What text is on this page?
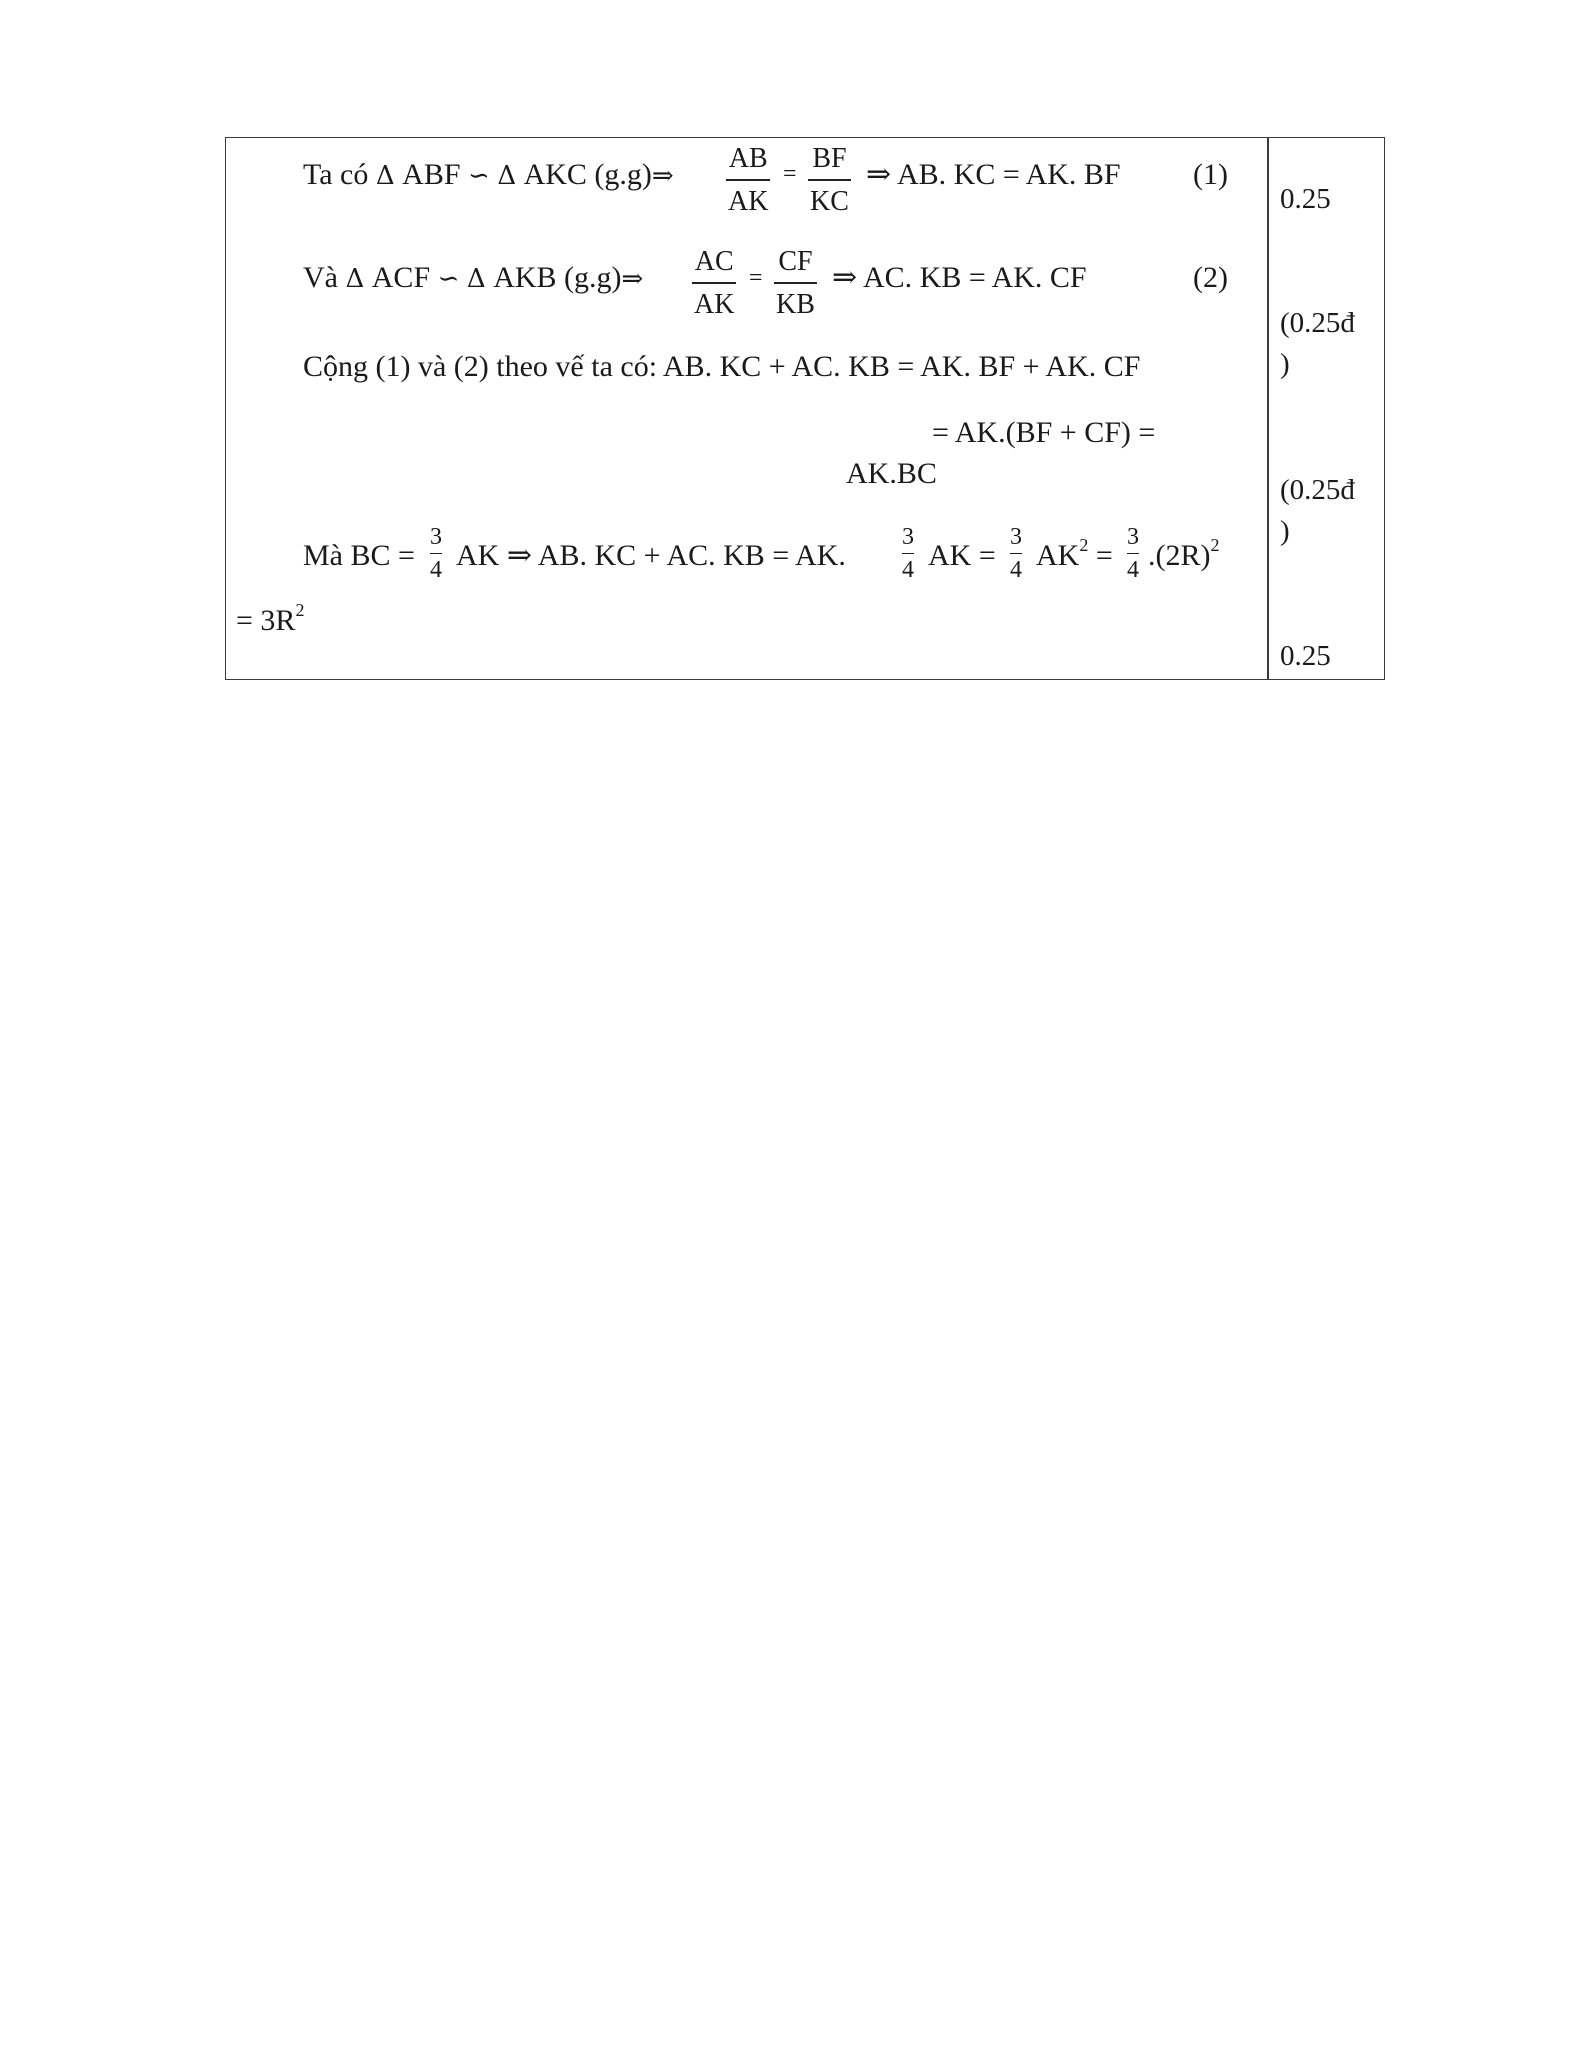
Ta có Δ ABF ∽ Δ AKC (g.g)⇒
AB
AK
= BF
KC
⇒ AB. KC = AK. BF (1)
Và Δ ACF ∽ Δ AKB (g.g)⇒
AC
AK
=
CF
KB
⇒ AC. KB = AK. CF	(2)
Cộng (1) và (2) theo vế ta có: AB. KC + AC. KB = AK. BF + AK. CF
= AK.(BF + CF) =
AK.BC
Mà BC =
3
4 AK ⇒ AB. KC + AC. KB = AK.
3
4 AK =
3
4 $AK^2$ =
3
4 $.(2R)^2$
= $3R^2$
0.25
(0.25đ
)
(0.25đ
)
0.25
